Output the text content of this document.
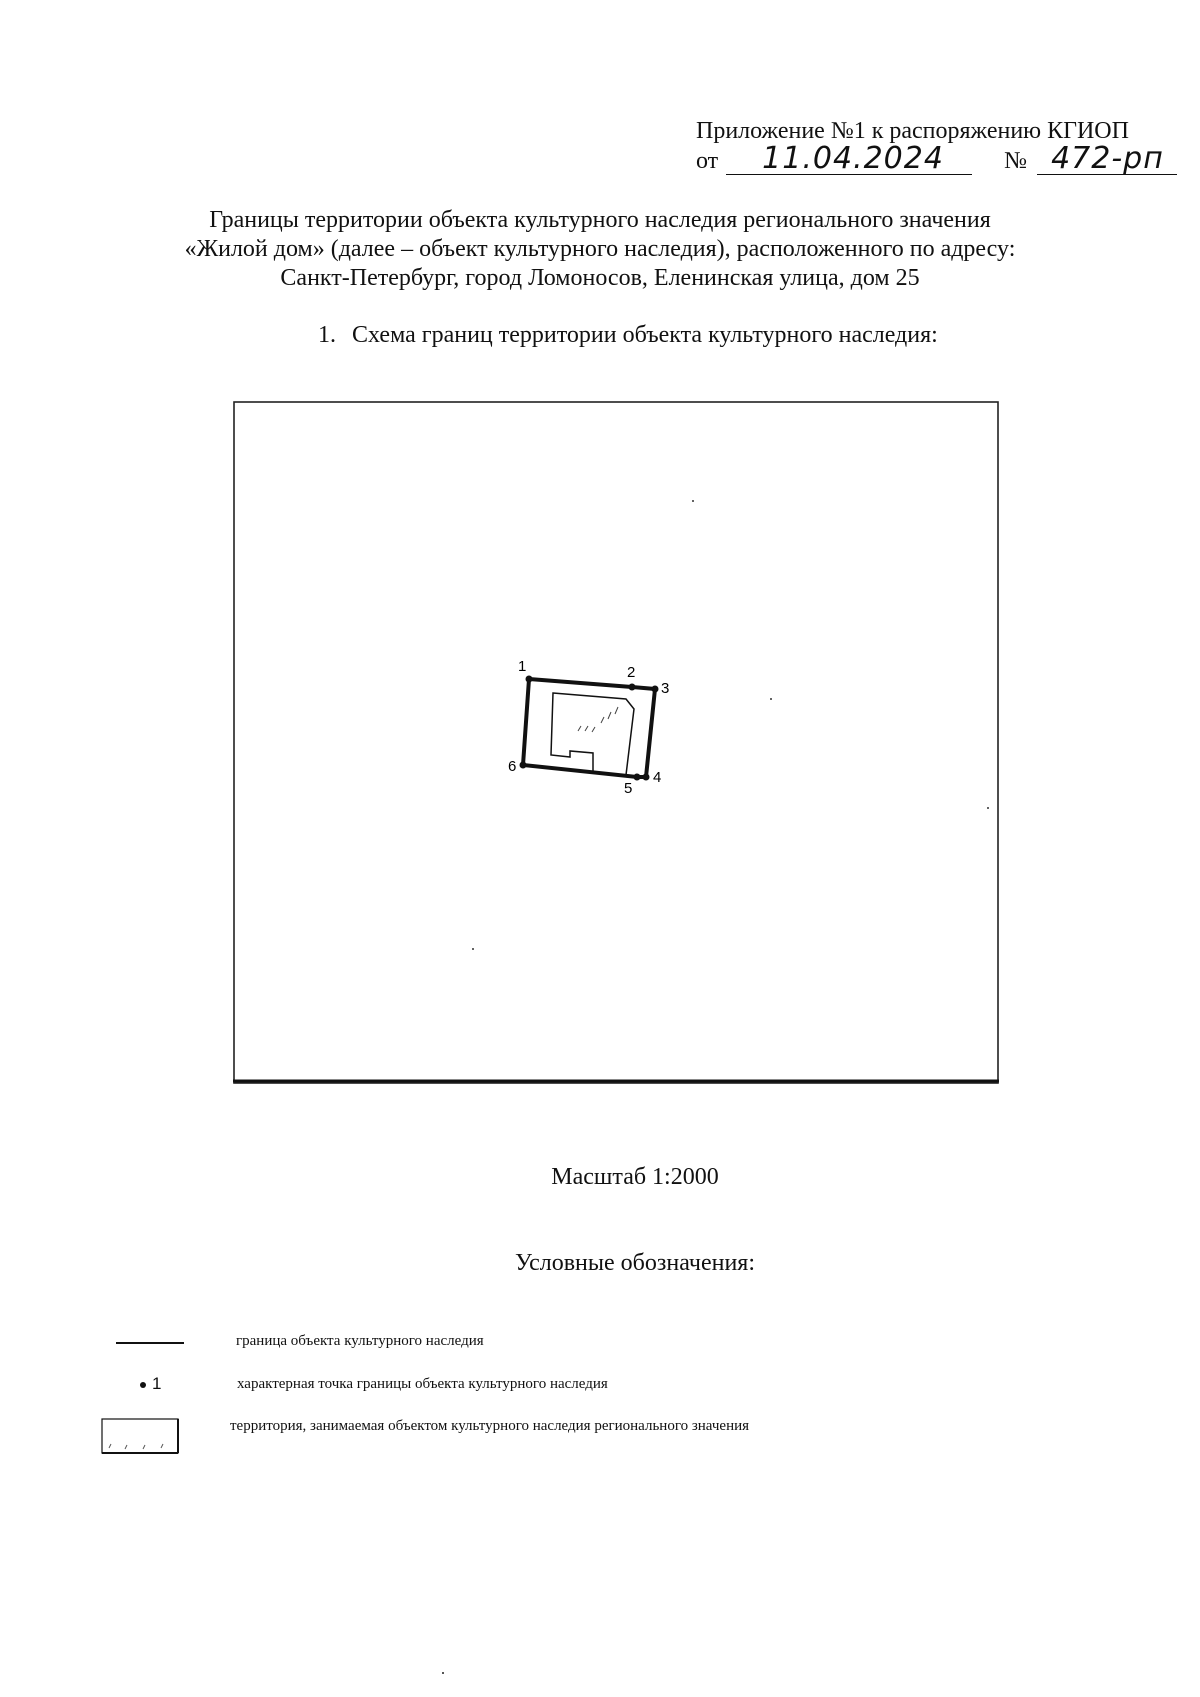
Приложение №1 к распоряжению КГИОП
от 11.04.2024	№ 472-рп
Границы территории объекта культурного наследия регионального значения
«Жилой дом» (далее – объект культурного наследия), расположенного по адресу:
Санкт-Петербург, город Ломоносов, Еленинская улица, дом 25
1. Схема границ территории объекта культурного наследия:
1	2
3
4
5
6
Масштаб 1:2000
Условные обозначения:
граница объекта культурного наследия
1	характерная точка границы объекта культурного наследия
территория, занимаемая объектом культурного наследия регионального значения
